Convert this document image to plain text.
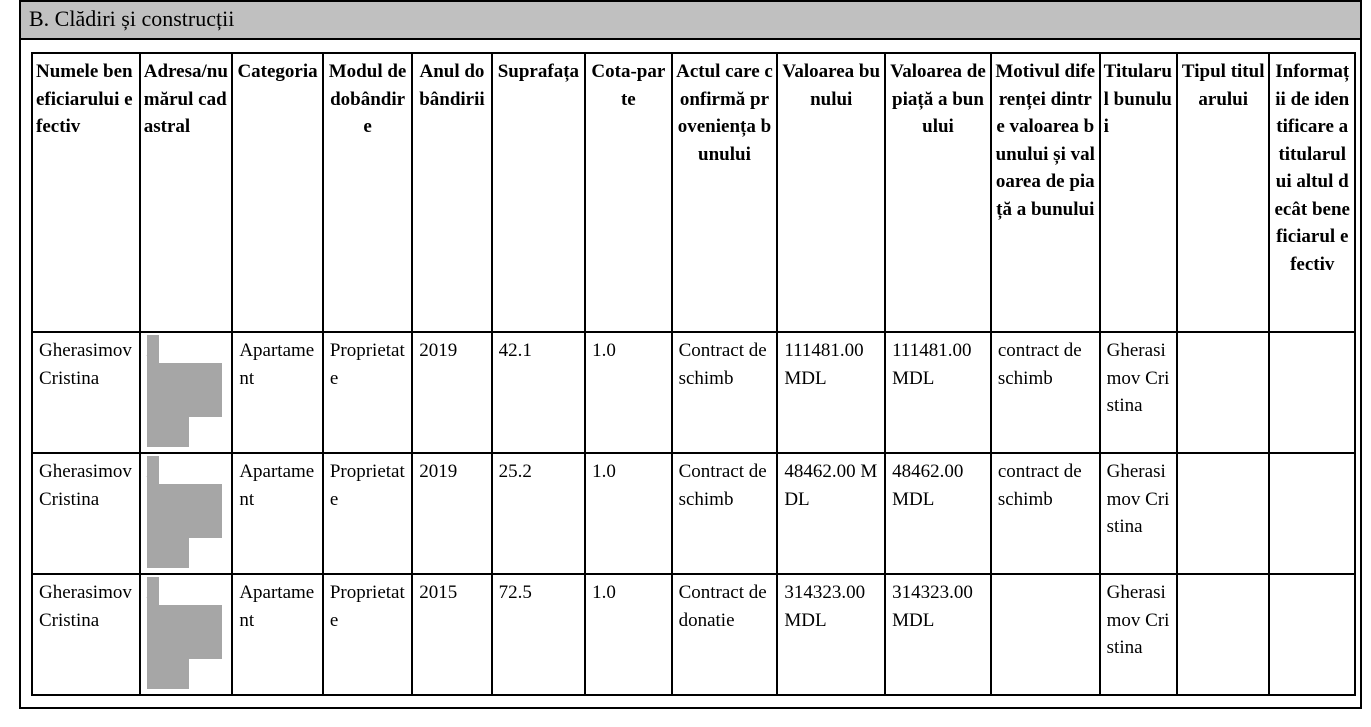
B. Clădiri și construcții
Numele beneficiarului efectiv	Adresa/numărul cadastral	Categoria	Modul de dobândire	Anul dobândirii	Suprafața	Cota-parte	Actul care confirmă proveniența bunului	Valoarea bunului	Valoarea de piață a bunului	Motivul diferenței dintre valoarea bunului și valoarea de piață a bunului	Titularul bunului	Tipul titularului	Informații de identificare a titularului altul decât beneficiarul efectiv
Gherasimov Cristina		Apartament	Proprietate	2019	42.1	1.0	Contract de schimb	111481.00 MDL	111481.00 MDL	contract de schimb	Gherasimov Cristina		
Gherasimov Cristina		Apartament	Proprietate	2019	25.2	1.0	Contract de schimb	48462.00 MDL	48462.00 MDL	contract de schimb	Gherasimov Cristina		
Gherasimov Cristina		Apartament	Proprietate	2015	72.5	1.0	Contract de donatie	314323.00 MDL	314323.00 MDL		Gherasimov Cristina		
